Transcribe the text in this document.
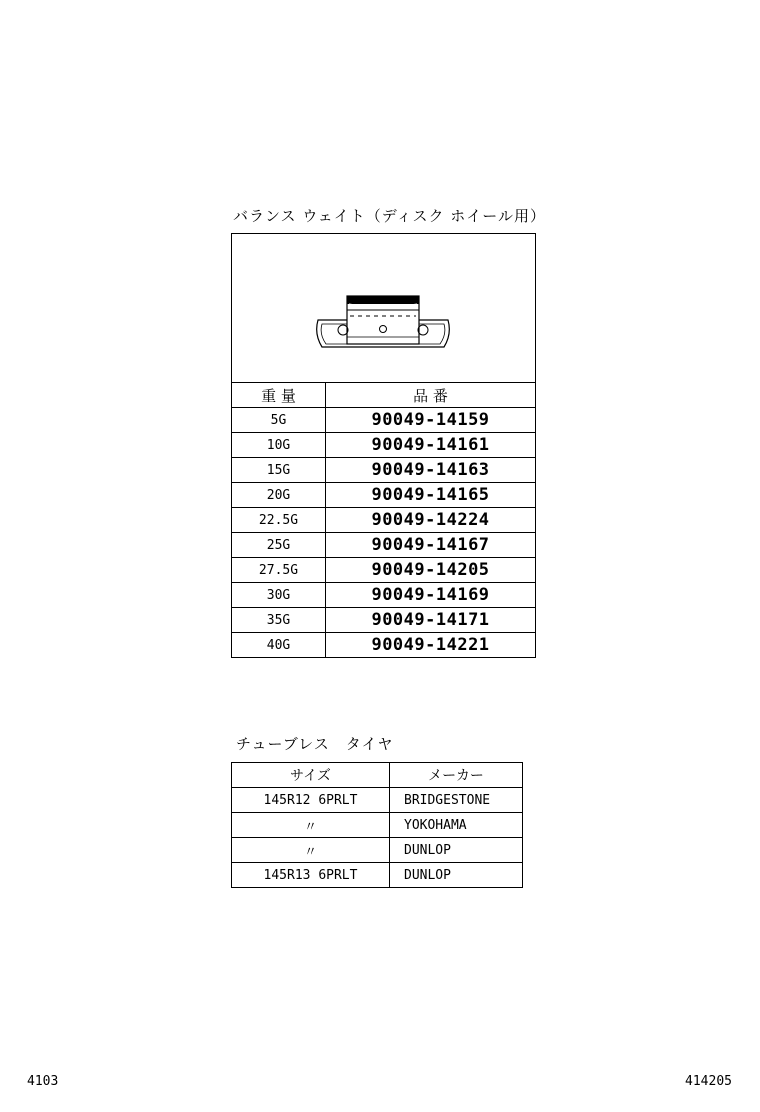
バランス ウェイト（ディスク ホイール用）

重 量	品 番
5G	90049-14159
10G	90049-14161
15G	90049-14163
20G	90049-14165
22.5G	90049-14224
25G	90049-14167
27.5G	90049-14205
30G	90049-14169
35G	90049-14171
40G	90049-14221
チューブレス　タイヤ
サイズ	メーカー
145R12 6PRLT	BRIDGESTONE
〃	YOKOHAMA
〃	DUNLOP
145R13 6PRLT	DUNLOP
4103	414205
